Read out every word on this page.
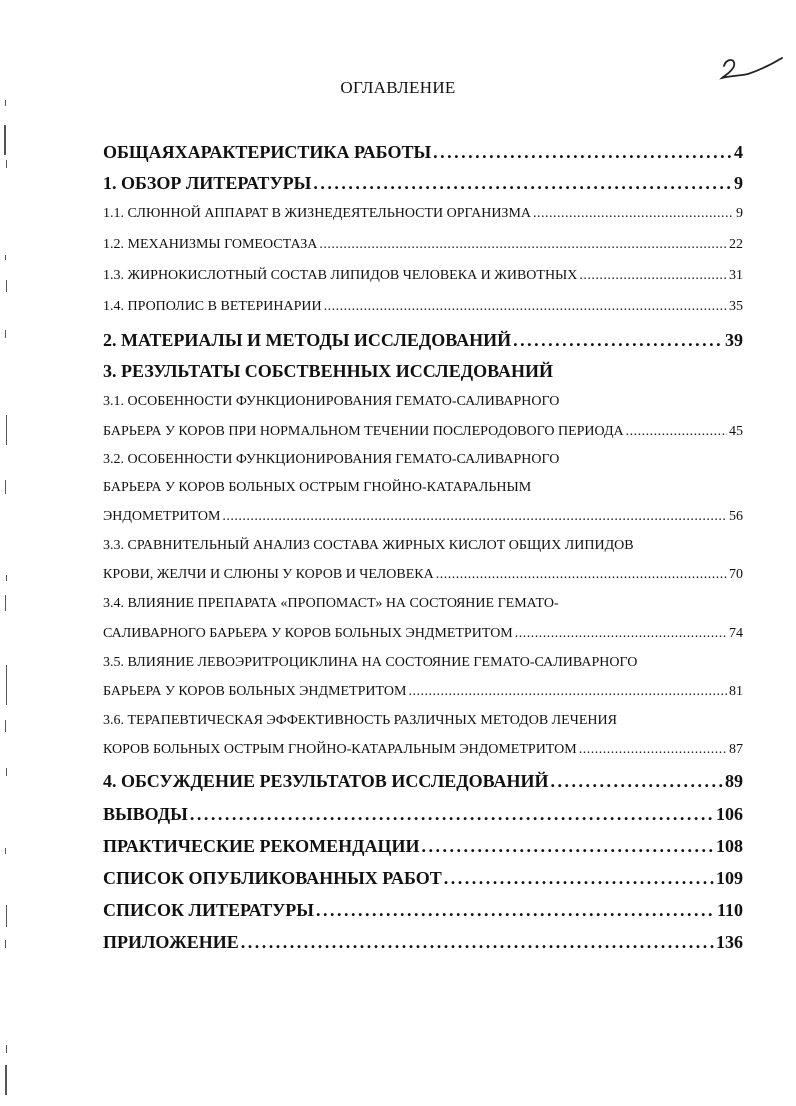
ОГЛАВЛЕНИЕ
ОБЩАЯХАРАКТЕРИСТИКА РАБОТЫ . . .	4
1. ОБЗОР ЛИТЕРАТУРЫ . . .	9
1.1. СЛЮННОЙ АППАРАТ В ЖИЗНЕДЕЯТЕЛЬНОСТИ ОРГАНИЗМА . . .	9
1.2. МЕХАНИЗМЫ ГОМЕОСТАЗА . . .	22
1.3. ЖИРНОКИСЛОТНЫЙ СОСТАВ ЛИПИДОВ ЧЕЛОВЕКА И ЖИВОТНЫХ . . .	31
1.4. ПРОПОЛИС В ВЕТЕРИНАРИИ . . .	35
2. МАТЕРИАЛЫ И МЕТОДЫ ИССЛЕДОВАНИЙ . . .	39
3. РЕЗУЛЬТАТЫ СОБСТВЕННЫХ ИССЛЕДОВАНИЙ
3.1. ОСОБЕННОСТИ ФУНКЦИОНИРОВАНИЯ ГЕМАТО-САЛИВАРНОГО
БАРЬЕРА У КОРОВ ПРИ НОРМАЛЬНОМ ТЕЧЕНИИ ПОСЛЕРОДОВОГО ПЕРИОДА . . .	45
3.2. ОСОБЕННОСТИ ФУНКЦИОНИРОВАНИЯ ГЕМАТО-САЛИВАРНОГО
БАРЬЕРА У КОРОВ БОЛЬНЫХ ОСТРЫМ ГНОЙНО-КАТАРАЛЬНЫМ
ЭНДОМЕТРИТОМ . . .	56
3.3. СРАВНИТЕЛЬНЫЙ АНАЛИЗ СОСТАВА ЖИРНЫХ КИСЛОТ ОБЩИХ ЛИПИДОВ
КРОВИ, ЖЕЛЧИ И СЛЮНЫ У КОРОВ И ЧЕЛОВЕКА . . .	70
3.4. ВЛИЯНИЕ ПРЕПАРАТА «ПРОПОМАСТ» НА СОСТОЯНИЕ ГЕМАТО-
САЛИВАРНОГО БАРЬЕРА У КОРОВ БОЛЬНЫХ ЭНДМЕТРИТОМ . . .	74
3.5. ВЛИЯНИЕ ЛЕВОЭРИТРОЦИКЛИНА НА СОСТОЯНИЕ ГЕМАТО-САЛИВАРНОГО
БАРЬЕРА У КОРОВ БОЛЬНЫХ ЭНДМЕТРИТОМ . . .	81
3.6. ТЕРАПЕВТИЧЕСКАЯ ЭФФЕКТИВНОСТЬ РАЗЛИЧНЫХ МЕТОДОВ ЛЕЧЕНИЯ
КОРОВ БОЛЬНЫХ ОСТРЫМ ГНОЙНО-КАТАРАЛЬНЫМ ЭНДОМЕТРИТОМ . . .	87
4. ОБСУЖДЕНИЕ РЕЗУЛЬТАТОВ ИССЛЕДОВАНИЙ . . .	89
ВЫВОДЫ . . .	106
ПРАКТИЧЕСКИЕ РЕКОМЕНДАЦИИ . . .	108
СПИСОК ОПУБЛИКОВАННЫХ РАБОТ . . .	109
СПИСОК ЛИТЕРАТУРЫ . . .	110
ПРИЛОЖЕНИЕ . . .	136
